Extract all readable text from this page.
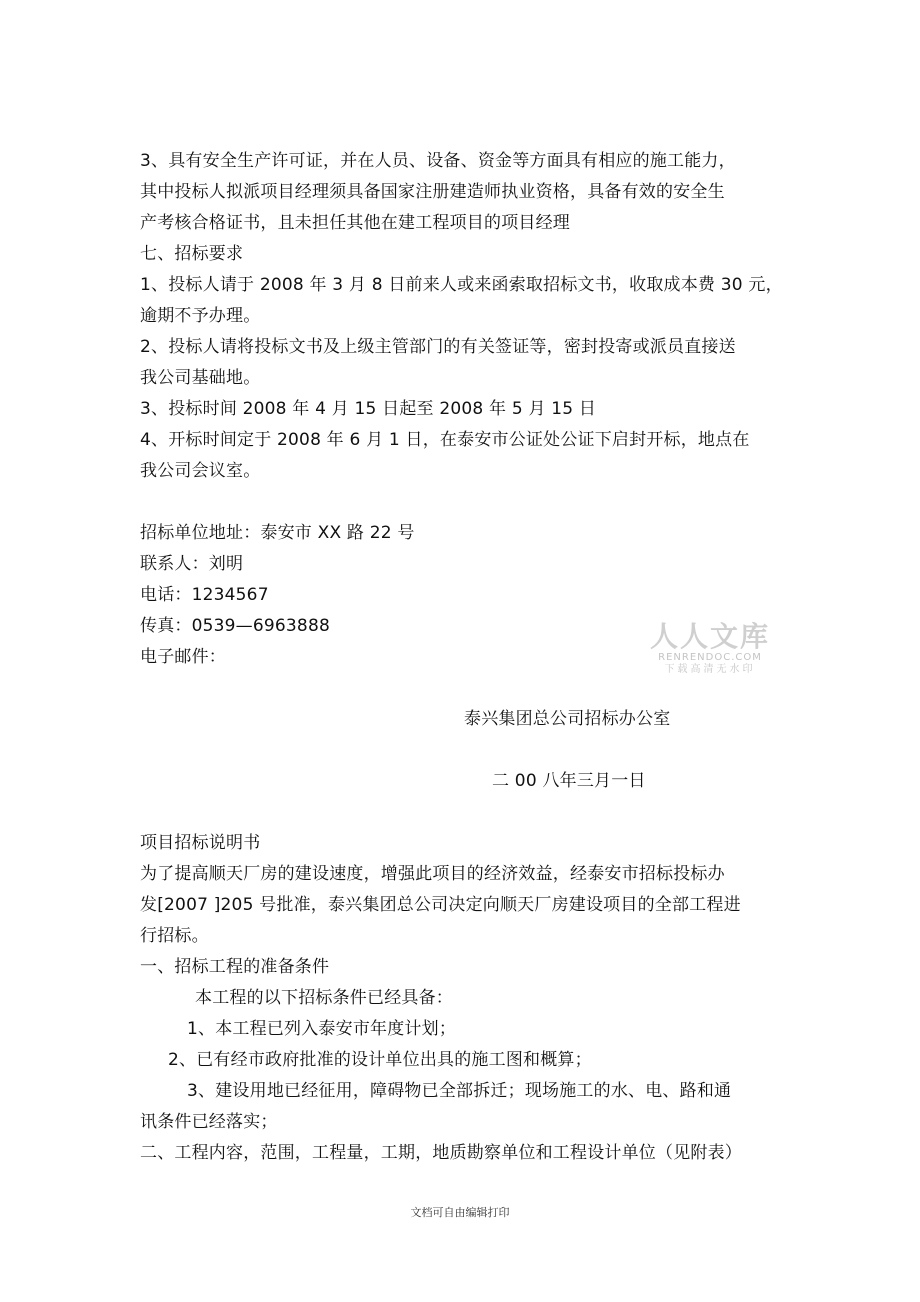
3、具有安全生产许可证，并在人员、设备、资金等方面具有相应的施工能力，
其中投标人拟派项目经理须具备国家注册建造师执业资格，具备有效的安全生
产考核合格证书，且未担任其他在建工程项目的项目经理
七、招标要求
1、投标人请于 2008 年 3 月 8 日前来人或来函索取招标文书，收取成本费 30 元，
逾期不予办理。
2、投标人请将投标文书及上级主管部门的有关签证等，密封投寄或派员直接送
我公司基础地。
3、投标时间 2008 年 4 月 15 日起至 2008 年 5 月 15 日
4、开标时间定于 2008 年 6 月 1 日，在泰安市公证处公证下启封开标，地点在
我公司会议室。
招标单位地址：泰安市 XX 路 22 号
联系人：刘明
电话：1234567
传真：0539—6963888
电子邮件：
泰兴集团总公司招标办公室
二 00 八年三月一日
项目招标说明书
为了提高顺天厂房的建设速度，增强此项目的经济效益，经泰安市招标投标办
发[2007 ]205 号批准，泰兴集团总公司决定向顺天厂房建设项目的全部工程进
行招标。
一、招标工程的准备条件
本工程的以下招标条件已经具备：
1、本工程已列入泰安市年度计划；
2、已有经市政府批准的设计单位出具的施工图和概算；
3、建设用地已经征用，障碍物已全部拆迁；现场施工的水、电、路和通
讯条件已经落实；
二、工程内容，范围，工程量，工期，地质勘察单位和工程设计单位（见附表）
人人文库
RENRENDOC.COM
下载高清无水印
文档可自由编辑打印
